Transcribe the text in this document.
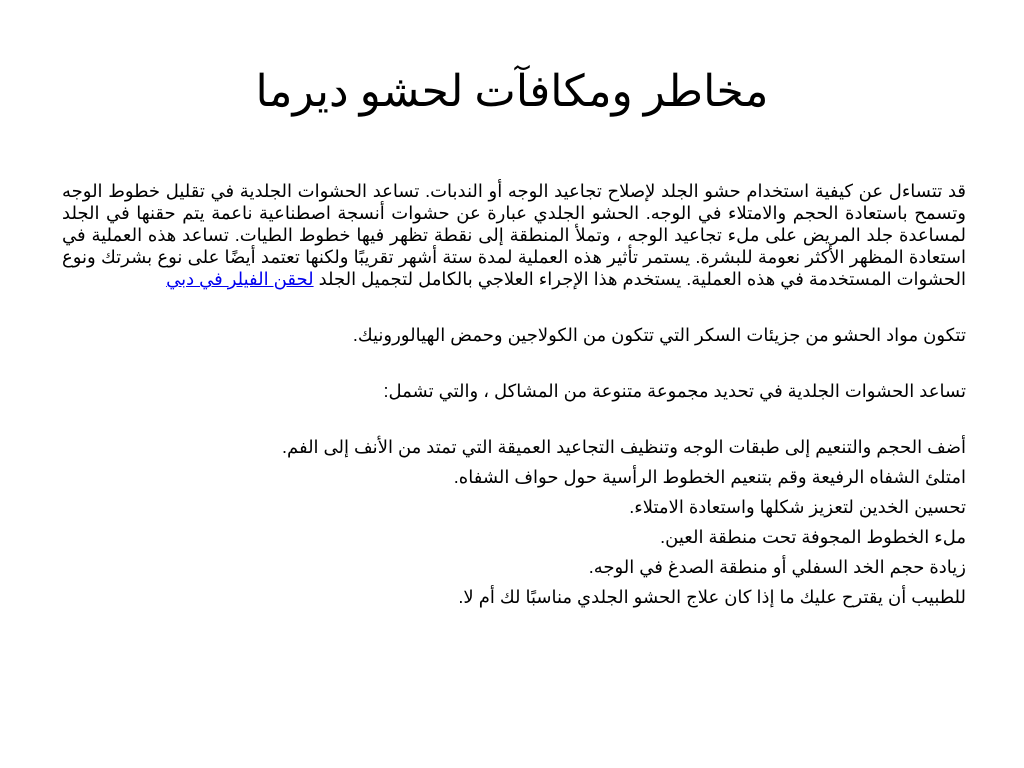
مخاطر ومكافآت لحشو ديرما

قد تتساءل عن كيفية استخدام حشو الجلد لإصلاح تجاعيد الوجه أو الندبات. تساعد الحشوات الجلدية في تقليل خطوط الوجه وتسمح باستعادة الحجم والامتلاء في الوجه. الحشو الجلدي عبارة عن حشوات أنسجة اصطناعية ناعمة يتم حقنها في الجلد لمساعدة جلد المريض على ملء تجاعيد الوجه ، وتملأ المنطقة إلى نقطة تظهر فيها خطوط الطيات. تساعد هذه العملية في استعادة المظهر الأكثر نعومة للبشرة. يستمر تأثير هذه العملية لمدة ستة أشهر تقريبًا ولكنها تعتمد أيضًا على نوع بشرتك ونوع الحشوات المستخدمة في هذه العملية. يستخدم هذا الإجراء العلاجي بالكامل لتجميل الجلد لحقن الفيلر في دبي

تتكون مواد الحشو من جزيئات السكر التي تتكون من الكولاجين وحمض الهيالورونيك.

تساعد الحشوات الجلدية في تحديد مجموعة متنوعة من المشاكل ، والتي تشمل:

أضف الحجم والتنعيم إلى طبقات الوجه وتنظيف التجاعيد العميقة التي تمتد من الأنف إلى الفم.

امتلئ الشفاه الرفيعة وقم بتنعيم الخطوط الرأسية حول حواف الشفاه.

تحسين الخدين لتعزيز شكلها واستعادة الامتلاء.

ملء الخطوط المجوفة تحت منطقة العين.

زيادة حجم الخد السفلي أو منطقة الصدغ في الوجه.

للطبيب أن يقترح عليك ما إذا كان علاج الحشو الجلدي مناسبًا لك أم لا.
